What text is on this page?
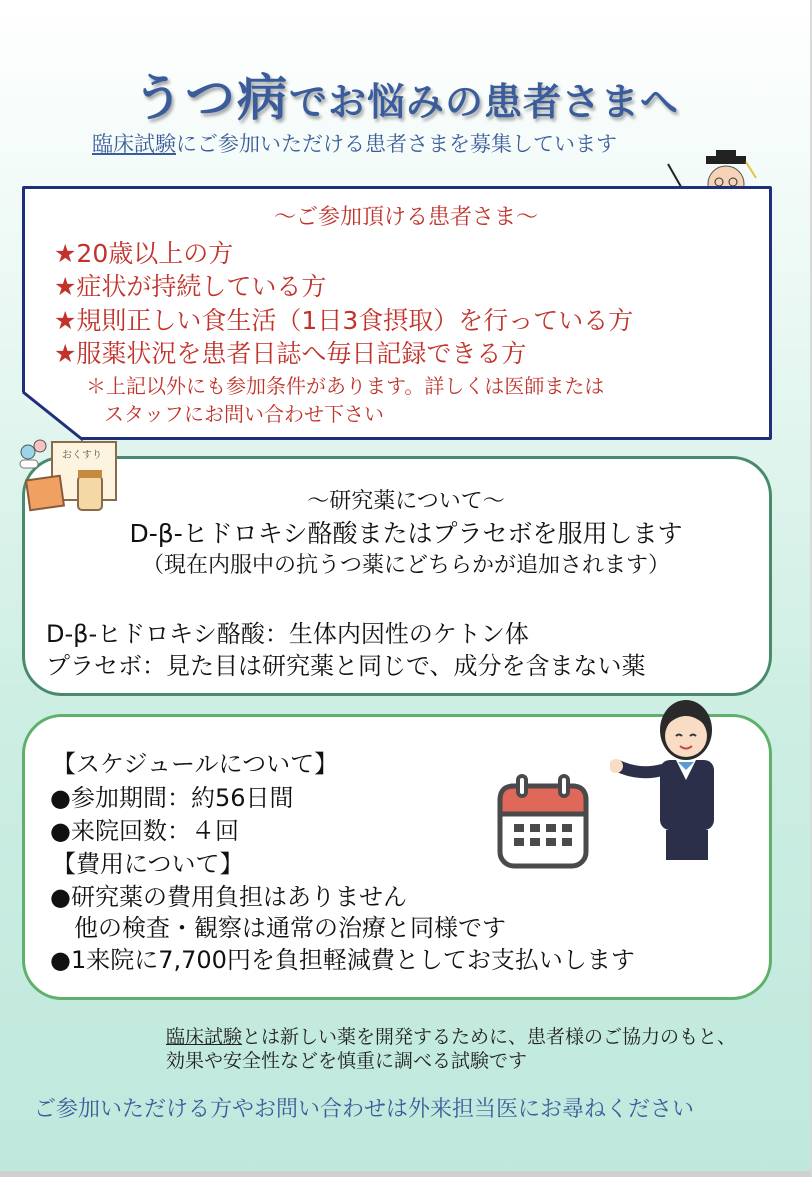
うつ病でお悩みの患者さまへ
臨床試験にご参加いただける患者さまを募集しています
～ご参加頂ける患者さま～
★20歳以上の方
★症状が持続している方
★規則正しい食生活（1日3食摂取）を行っている方
★服薬状況を患者日誌へ毎日記録できる方
＊上記以外にも参加条件があります。詳しくは医師または
スタッフにお問い合わせ下さい
おくすり
～研究薬について～
D-β-ヒドロキシ酪酸またはプラセボを服用します
（現在内服中の抗うつ薬にどちらかが追加されます）
D-β-ヒドロキシ酪酸：生体内因性のケトン体
プラセボ：見た目は研究薬と同じで、成分を含まない薬
【スケジュールについて】
●参加期間：約56日間
●来院回数：４回
【費用について】
●研究薬の費用負担はありません
　他の検査・観察は通常の治療と同様です
●1来院に7,700円を負担軽減費としてお支払いします
臨床試験とは新しい薬を開発するために、患者様のご協力のもと、
効果や安全性などを慎重に調べる試験です
ご参加いただける方やお問い合わせは外来担当医にお尋ねください
